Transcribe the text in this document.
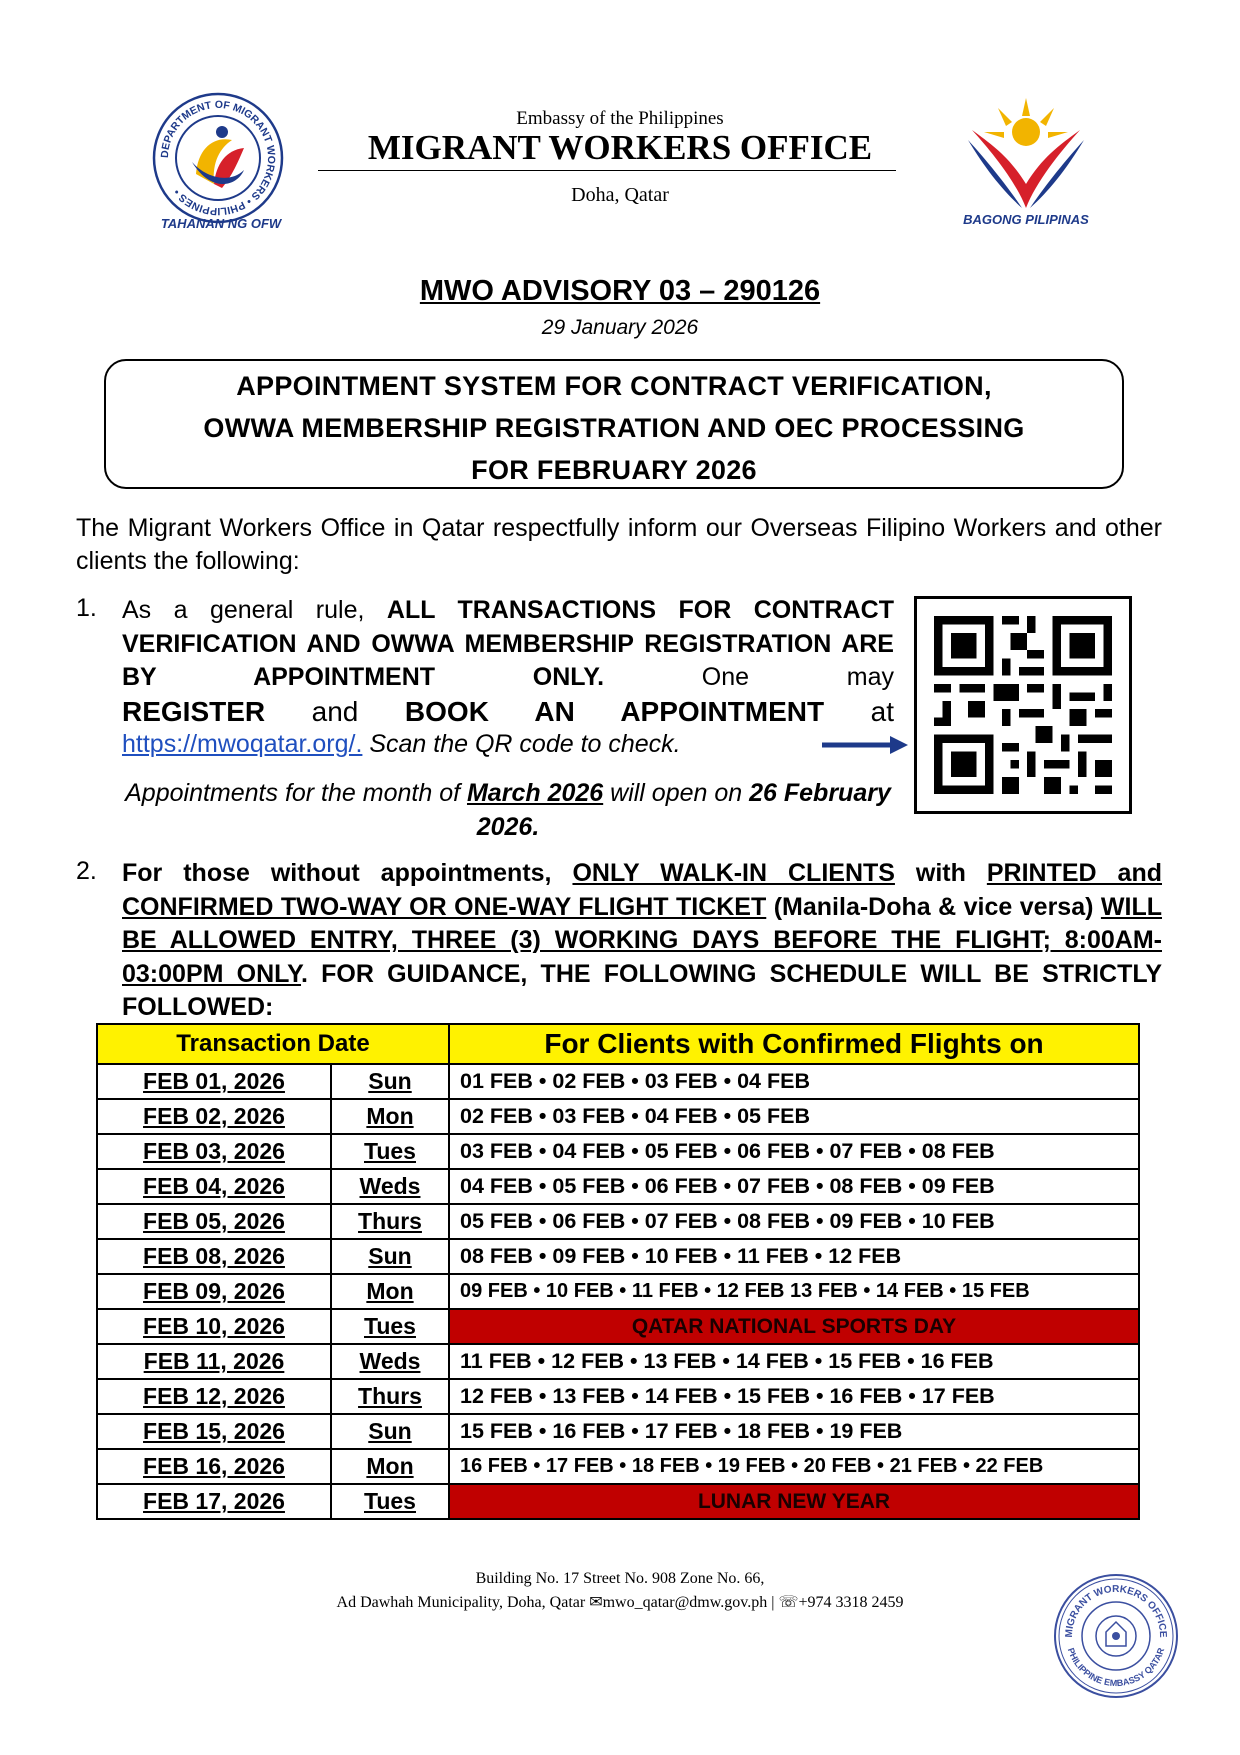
DEPARTMENT OF MIGRANT WORKERS • PHILIPPINES •
TAHANAN NG OFW
Embassy of the Philippines
MIGRANT WORKERS OFFICE
Doha, Qatar
BAGONG PILIPINAS
MWO ADVISORY 03 – 290126
29 January 2026
APPOINTMENT SYSTEM FOR CONTRACT VERIFICATION,
OWWA MEMBERSHIP REGISTRATION AND OEC PROCESSING
FOR FEBRUARY 2026
The Migrant Workers Office in Qatar respectfully inform our Overseas Filipino Workers and other clients the following:
1. As a general rule, ALL TRANSACTIONS FOR CONTRACT VERIFICATION AND OWWA MEMBERSHIP REGISTRATION ARE BY APPOINTMENT ONLY. One may
REGISTER and BOOK AN APPOINTMENT at
https://mwoqatar.org/. Scan the QR code to check.
Appointments for the month of March 2026 will open on 26 February 2026.
2. For those without appointments, ONLY WALK-IN CLIENTS with PRINTED and CONFIRMED TWO-WAY OR ONE-WAY FLIGHT TICKET (Manila-Doha & vice versa) WILL BE ALLOWED ENTRY, THREE (3) WORKING DAYS BEFORE THE FLIGHT; 8:00AM-03:00PM ONLY. FOR GUIDANCE, THE FOLLOWING SCHEDULE WILL BE STRICTLY FOLLOWED:
Transaction Date		For Clients with Confirmed Flights on
FEB 01, 2026	Sun	01 FEB • 02 FEB • 03 FEB • 04 FEB
FEB 02, 2026	Mon	02 FEB • 03 FEB • 04 FEB • 05 FEB
FEB 03, 2026	Tues	03 FEB • 04 FEB • 05 FEB • 06 FEB • 07 FEB • 08 FEB
FEB 04, 2026	Weds	04 FEB • 05 FEB • 06 FEB • 07 FEB • 08 FEB • 09 FEB
FEB 05, 2026	Thurs	05 FEB • 06 FEB • 07 FEB • 08 FEB • 09 FEB • 10 FEB
FEB 08, 2026	Sun	08 FEB • 09 FEB • 10 FEB • 11 FEB • 12 FEB
FEB 09, 2026	Mon	09 FEB • 10 FEB • 11 FEB • 12 FEB 13 FEB • 14 FEB • 15 FEB
FEB 10, 2026	Tues	QATAR NATIONAL SPORTS DAY
FEB 11, 2026	Weds	11 FEB • 12 FEB • 13 FEB • 14 FEB • 15 FEB • 16 FEB
FEB 12, 2026	Thurs	12 FEB • 13 FEB • 14 FEB • 15 FEB • 16 FEB • 17 FEB
FEB 15, 2026	Sun	15 FEB • 16 FEB • 17 FEB • 18 FEB • 19 FEB
FEB 16, 2026	Mon	16 FEB • 17 FEB • 18 FEB • 19 FEB • 20 FEB • 21 FEB • 22 FEB
FEB 17, 2026	Tues	LUNAR NEW YEAR
Building No. 17 Street No. 908 Zone No. 66,
Ad Dawhah Municipality, Doha, Qatar ✉mwo_qatar@dmw.gov.ph | ☏+974 3318 2459
MIGRANT WORKERS OFFICE
PHILIPPINE EMBASSY QATAR
